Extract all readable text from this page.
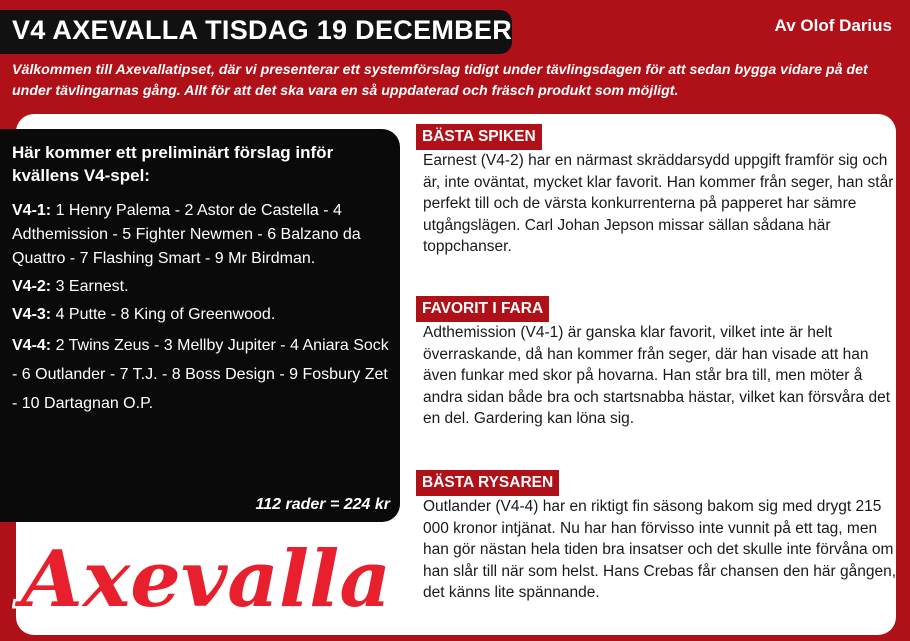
V4 AXEVALLA TISDAG 19 DECEMBER	Av Olof Darius
Välkommen till Axevallatipset, där vi presenterar ett systemförslag tidigt under tävlingsdagen för att sedan bygga vidare på det under tävlingarnas gång. Allt för att det ska vara en så uppdaterad och fräsch produkt som möjligt.
Här kommer ett preliminärt förslag inför kvällens V4-spel:

V4-1: 1 Henry Palema - 2 Astor de Castella - 4 Adthemission - 5 Fighter Newmen - 6 Balzano da Quattro - 7 Flashing Smart - 9 Mr Birdman.

V4-2: 3 Earnest.

V4-3: 4 Putte - 8 King of Greenwood.

V4-4: 2 Twins Zeus - 3 Mellby Jupiter - 4 Aniara Sock - 6 Outlander - 7 T.J. - 8 Boss Design - 9 Fosbury Zet - 10 Dartagnan O.P.

112 rader = 224 kr
Axevalla
BÄSTA SPIKEN

Earnest (V4-2) har en närmast skräddarsydd uppgift framför sig och är, inte oväntat, mycket klar favorit. Han kommer från seger, han står perfekt till och de värsta konkurrenterna på papperet har sämre utgångslägen. Carl Johan Jepson missar sällan sådana här toppchanser.

FAVORIT I FARA

Adthemission (V4-1) är ganska klar favorit, vilket inte är helt överraskande, då han kommer från seger, där han visade att han även funkar med skor på hovarna. Han står bra till, men möter å andra sidan både bra och startsnabba hästar, vilket kan försvåra det en del. Gardering kan löna sig.

BÄSTA RYSAREN

Outlander (V4-4) har en riktigt fin säsong bakom sig med drygt 215 000 kronor intjänat. Nu har han förvisso inte vunnit på ett tag, men han gör nästan hela tiden bra insatser och det skulle inte förvåna om han slår till när som helst. Hans Crebas får chansen den här gången, det känns lite spännande.
